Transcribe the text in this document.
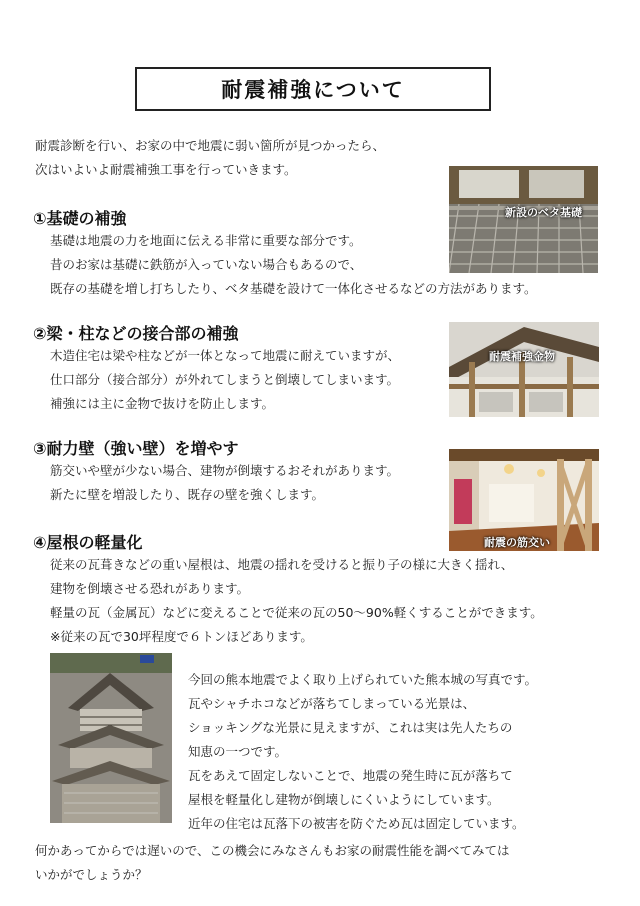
耐震補強について
耐震診断を行い、お家の中で地震に弱い箇所が見つかったら、
次はいよいよ耐震補強工事を行っていきます。
①基礎の補強
基礎は地震の力を地面に伝える非常に重要な部分です。
昔のお家は基礎に鉄筋が入っていない場合もあるので、
既存の基礎を増し打ちしたり、ベタ基礎を設けて一体化させるなどの方法があります。
新設のベタ基礎
②梁・柱などの接合部の補強
木造住宅は梁や柱などが一体となって地震に耐えていますが、
仕口部分（接合部分）が外れてしまうと倒壊してしまいます。
補強には主に金物で抜けを防止します。
耐震補強金物
③耐力壁（強い壁）を増やす
筋交いや壁が少ない場合、建物が倒壊するおそれがあります。
新たに壁を増設したり、既存の壁を強くします。
耐震の筋交い
④屋根の軽量化
従来の瓦葺きなどの重い屋根は、地震の揺れを受けると振り子の様に大きく揺れ、
建物を倒壊させる恐れがあります。
軽量の瓦（金属瓦）などに変えることで従来の瓦の50～90%軽くすることができます。
※従来の瓦で30坪程度で６トンほどあります。
今回の熊本地震でよく取り上げられていた熊本城の写真です。
瓦やシャチホコなどが落ちてしまっている光景は、
ショッキングな光景に見えますが、これは実は先人たちの
知恵の一つです。
瓦をあえて固定しないことで、地震の発生時に瓦が落ちて
屋根を軽量化し建物が倒壊しにくいようにしています。
近年の住宅は瓦落下の被害を防ぐため瓦は固定しています。
何かあってからでは遅いので、この機会にみなさんもお家の耐震性能を調べてみては
いかがでしょうか？
